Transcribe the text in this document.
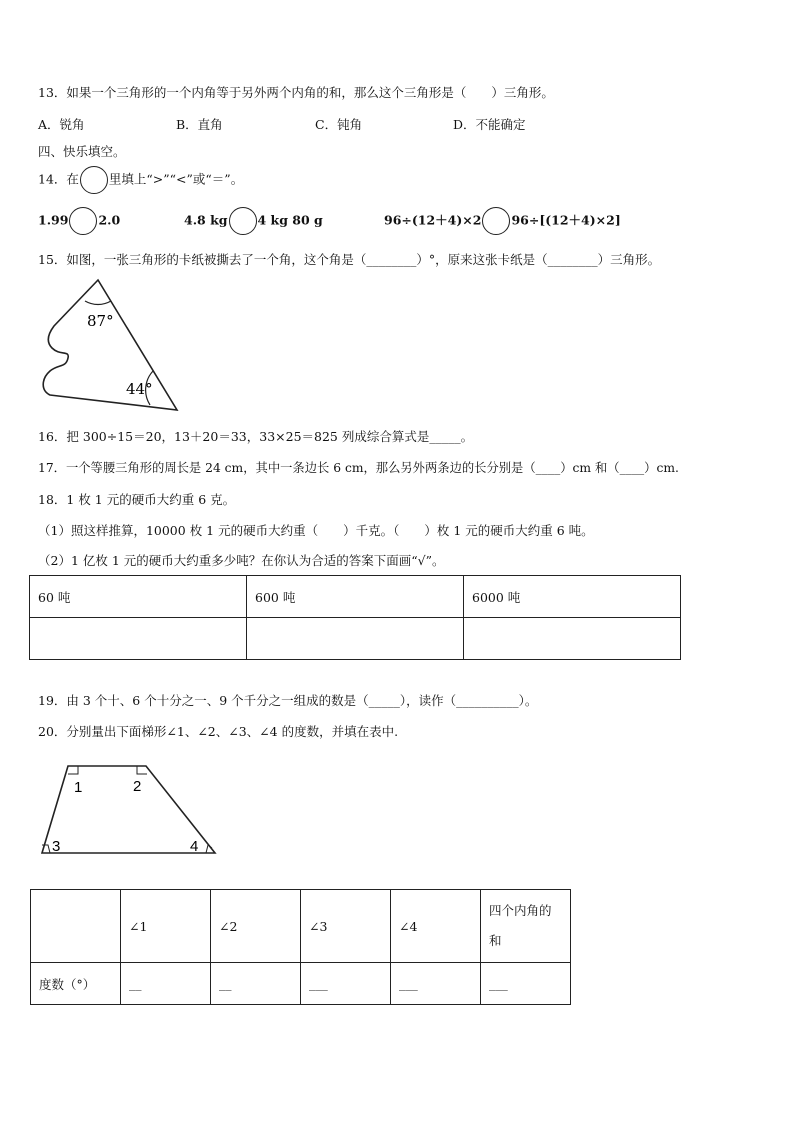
13．如果一个三角形的一个内角等于另外两个内角的和，那么这个三角形是（　　）三角形。
A．锐角	B．直角	C．钝角	D．不能确定
四、快乐填空。
14．在 里填上“>”“<”或“＝”。
1.99 2.0	4.8 kg 4 kg 80 g	96÷(12＋4)×2 96÷[(12＋4)×2]
15．如图，一张三角形的卡纸被撕去了一个角，这个角是（________）°，原来这张卡纸是（________）三角形。
87°
44°
16．把 300÷15＝20，13＋20＝33，33×25＝825 列成综合算式是_____。
17．一个等腰三角形的周长是 24 cm，其中一条边长 6 cm，那么另外两条边的长分别是（____）cm 和（____）cm.
18．1 枚 1 元的硬币大约重 6 克。
（1）照这样推算，10000 枚 1 元的硬币大约重（　　）千克。（　　）枚 1 元的硬币大约重 6 吨。
（2）1 亿枚 1 元的硬币大约重多少吨？在你认为合适的答案下面画“√”。
60 吨	600 吨	6000 吨

19．由 3 个十、6 个十分之一、9 个千分之一组成的数是（_____），读作（__________）。
20．分别量出下面梯形∠1、∠2、∠3、∠4 的度数，并填在表中.
1	2
3	4
	∠1	∠2	∠3	∠4	四个内角的和
度数（°）	__	__	___	___	___
